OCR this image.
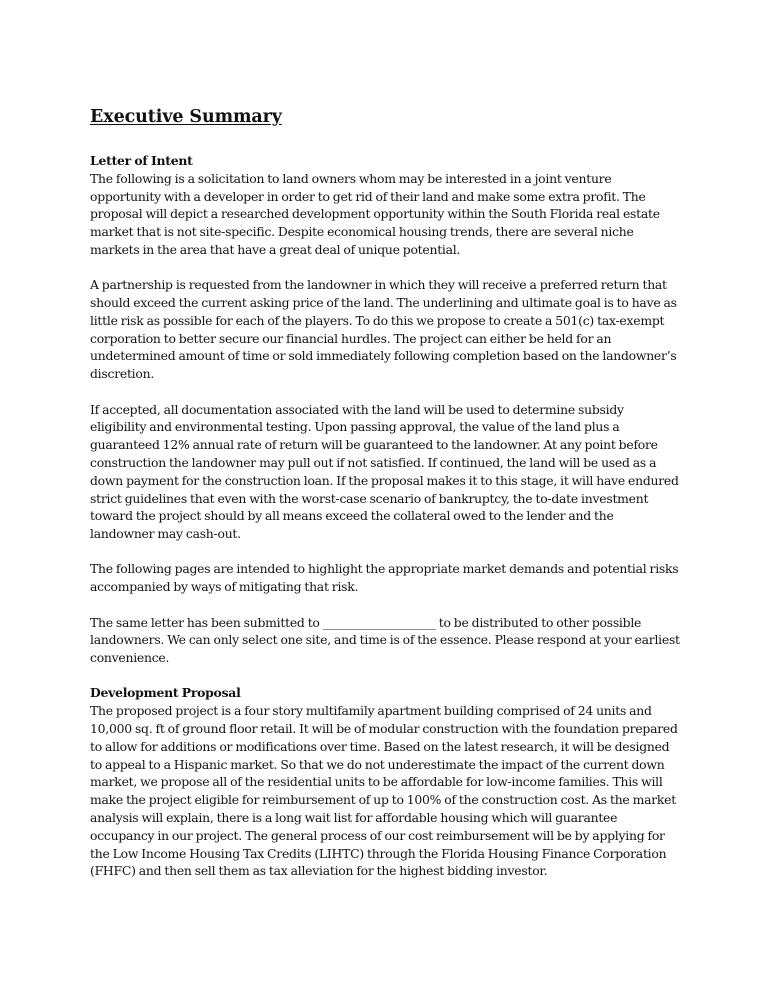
Executive Summary

Letter of Intent

The following is a solicitation to land owners whom may be interested in a joint venture opportunity with a developer in order to get rid of their land and make some extra profit. The proposal will depict a researched development opportunity within the South Florida real estate market that is not site-specific. Despite economical housing trends, there are several niche markets in the area that have a great deal of unique potential.

A partnership is requested from the landowner in which they will receive a preferred return that should exceed the current asking price of the land. The underlining and ultimate goal is to have as little risk as possible for each of the players. To do this we propose to create a 501(c) tax-exempt corporation to better secure our financial hurdles. The project can either be held for an undetermined amount of time or sold immediately following completion based on the landowner’s discretion.

If accepted, all documentation associated with the land will be used to determine subsidy eligibility and environmental testing. Upon passing approval, the value of the land plus a guaranteed 12% annual rate of return will be guaranteed to the landowner. At any point before construction the landowner may pull out if not satisfied. If continued, the land will be used as a down payment for the construction loan. If the proposal makes it to this stage, it will have endured strict guidelines that even with the worst-case scenario of bankruptcy, the to-date investment toward the project should by all means exceed the collateral owed to the lender and the landowner may cash-out.

The following pages are intended to highlight the appropriate market demands and potential risks accompanied by ways of mitigating that risk.

The same letter has been submitted to ___________________ to be distributed to other possible landowners. We can only select one site, and time is of the essence. Please respond at your earliest convenience.

Development Proposal

The proposed project is a four story multifamily apartment building comprised of 24 units and 10,000 sq. ft of ground floor retail. It will be of modular construction with the foundation prepared to allow for additions or modifications over time. Based on the latest research, it will be designed to appeal to a Hispanic market. So that we do not underestimate the impact of the current down market, we propose all of the residential units to be affordable for low-income families. This will make the project eligible for reimbursement of up to 100% of the construction cost. As the market analysis will explain, there is a long wait list for affordable housing which will guarantee occupancy in our project. The general process of our cost reimbursement will be by applying for the Low Income Housing Tax Credits (LIHTC) through the Florida Housing Finance Corporation (FHFC) and then sell them as tax alleviation for the highest bidding investor.
